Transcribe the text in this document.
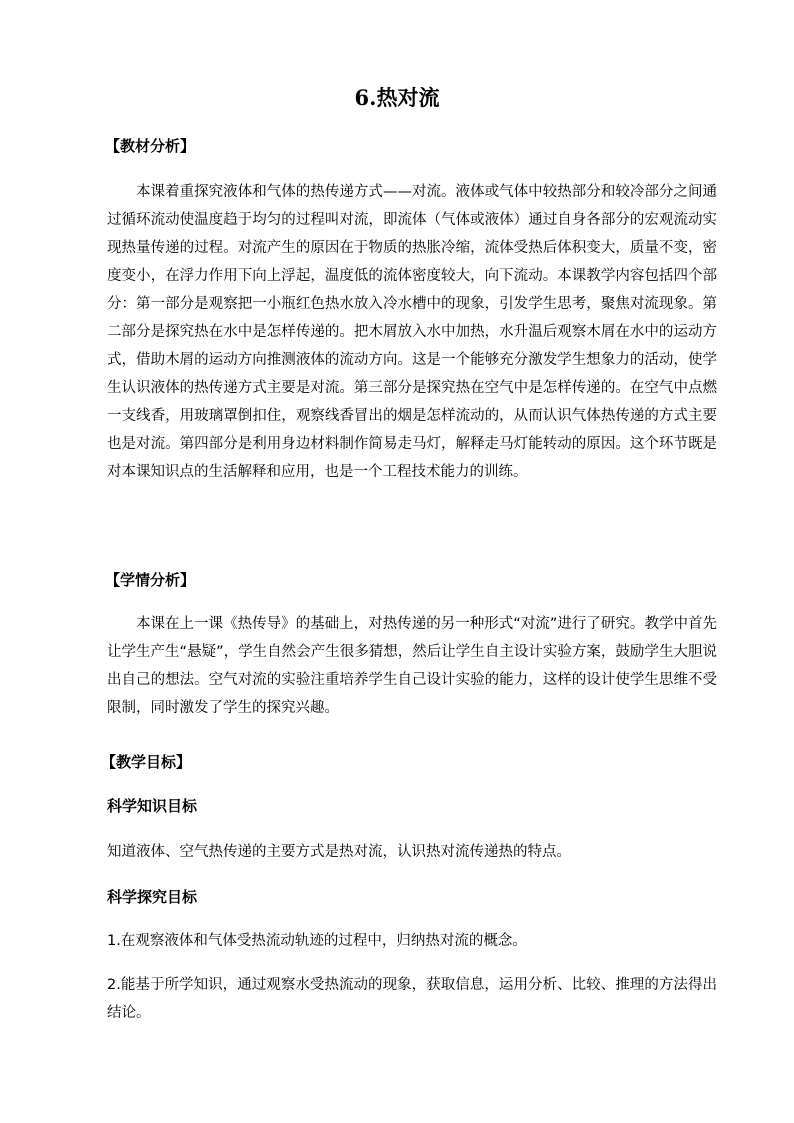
6.热对流
【教材分析】

本课着重探究液体和气体的热传递方式——对流。液体或气体中较热部分和较冷部分之间通过循环流动使温度趋于均匀的过程叫对流，即流体（气体或液体）通过自身各部分的宏观流动实现热量传递的过程。对流产生的原因在于物质的热胀冷缩，流体受热后体积变大，质量不变，密度变小，在浮力作用下向上浮起，温度低的流体密度较大，向下流动。本课教学内容包括四个部分：第一部分是观察把一小瓶红色热水放入冷水槽中的现象，引发学生思考，聚焦对流现象。第二部分是探究热在水中是怎样传递的。把木屑放入水中加热，水升温后观察木屑在水中的运动方式，借助木屑的运动方向推测液体的流动方向。这是一个能够充分激发学生想象力的活动，使学生认识液体的热传递方式主要是对流。第三部分是探究热在空气中是怎样传递的。在空气中点燃一支线香，用玻璃罩倒扣住，观察线香冒出的烟是怎样流动的，从而认识气体热传递的方式主要也是对流。第四部分是利用身边材料制作简易走马灯，解释走马灯能转动的原因。这个环节既是对本课知识点的生活解释和应用，也是一个工程技术能力的训练。

【学情分析】

本课在上一课《热传导》的基础上，对热传递的另一种形式“对流”进行了研究。教学中首先让学生产生“悬疑”，学生自然会产生很多猜想，然后让学生自主设计实验方案，鼓励学生大胆说出自己的想法。空气对流的实验注重培养学生自己设计实验的能力，这样的设计使学生思维不受限制，同时激发了学生的探究兴趣。

【教学目标】
科学知识目标
知道液体、空气热传递的主要方式是热对流，认识热对流传递热的特点。
科学探究目标
1.在观察液体和气体受热流动轨迹的过程中，归纳热对流的概念。

2.能基于所学知识，通过观察水受热流动的现象，获取信息，运用分析、比较、推理的方法得出结论。
